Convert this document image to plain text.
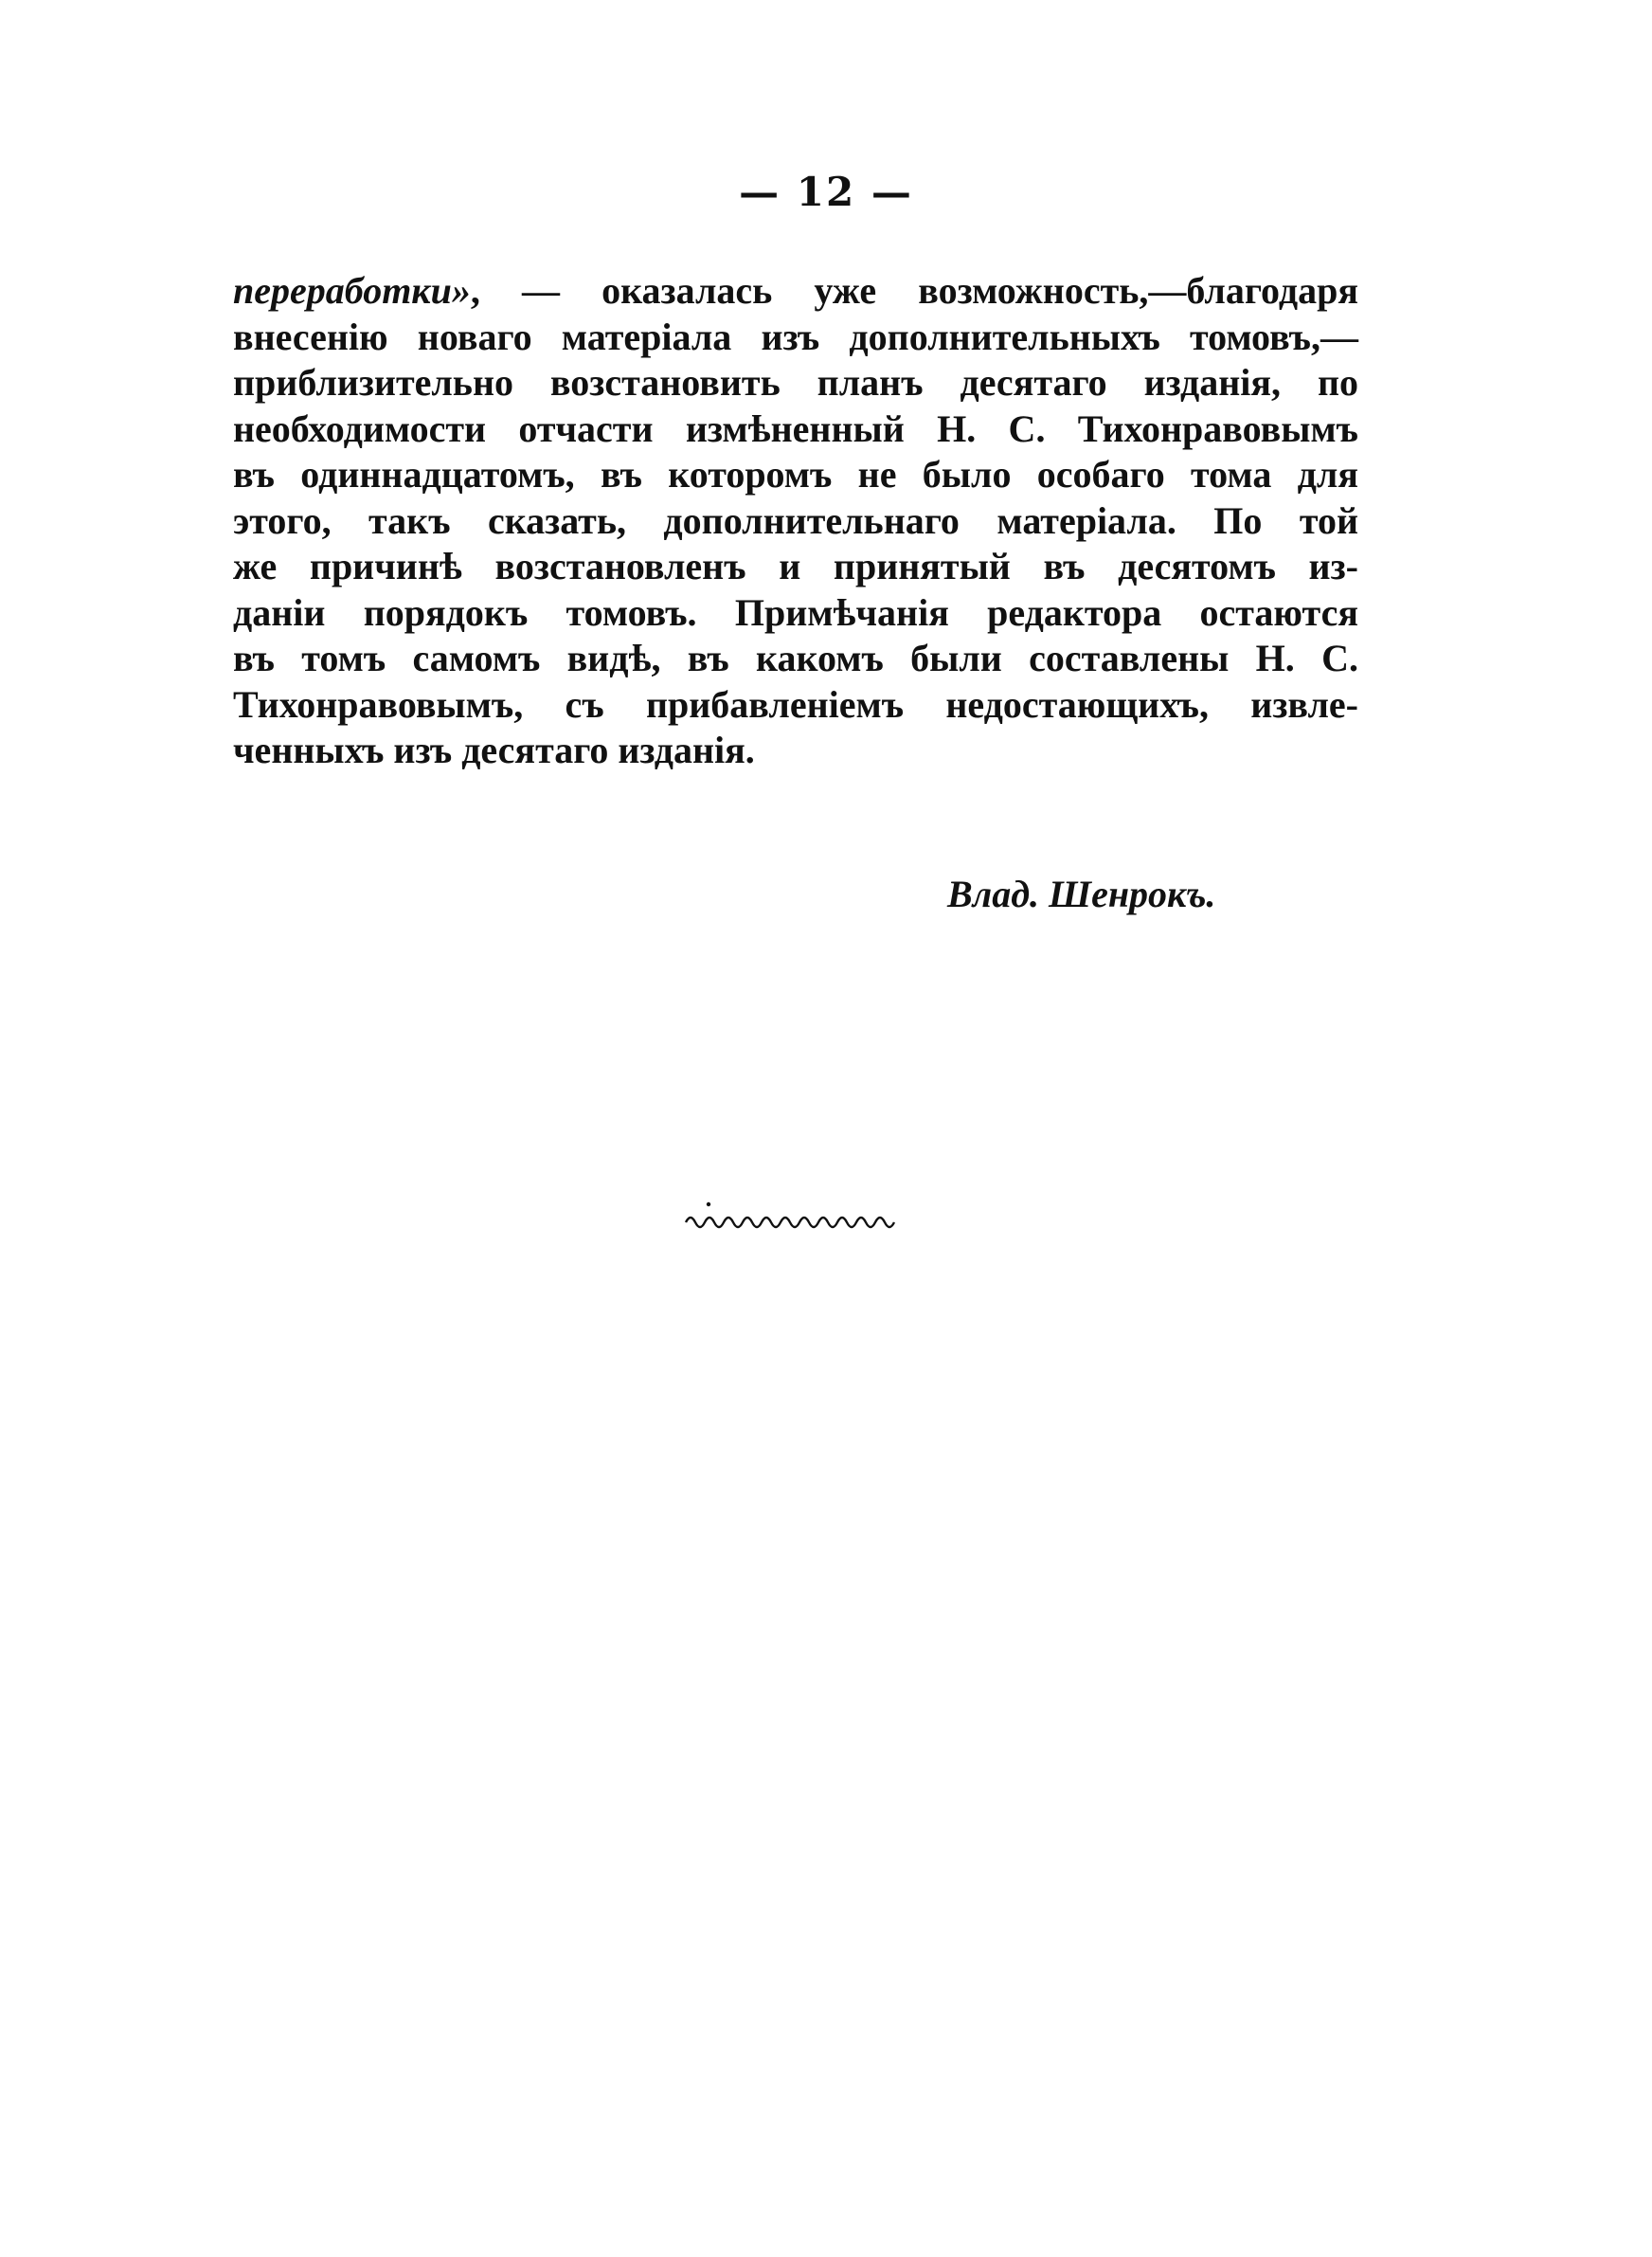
— 12 —
переработки», — оказалась уже возможность,—благодаря
внесенію новаго матеріала изъ дополнительныхъ томовъ,—
приблизительно возстановить планъ десятаго изданія, по
необходимости отчасти измѣненный Н. С. Тихонравовымъ
въ одиннадцатомъ, въ которомъ не было особаго тома для
этого, такъ сказать, дополнительнаго матеріала. По той
же причинѣ возстановленъ и принятый въ десятомъ из-
даніи порядокъ томовъ. Примѣчанія редактора остаются
въ томъ самомъ видѣ, въ какомъ были составлены Н. С.
Тихонравовымъ, съ прибавленіемъ недостающихъ, извле-
ченныхъ изъ десятаго изданія.
Влад. Шенрокъ.
